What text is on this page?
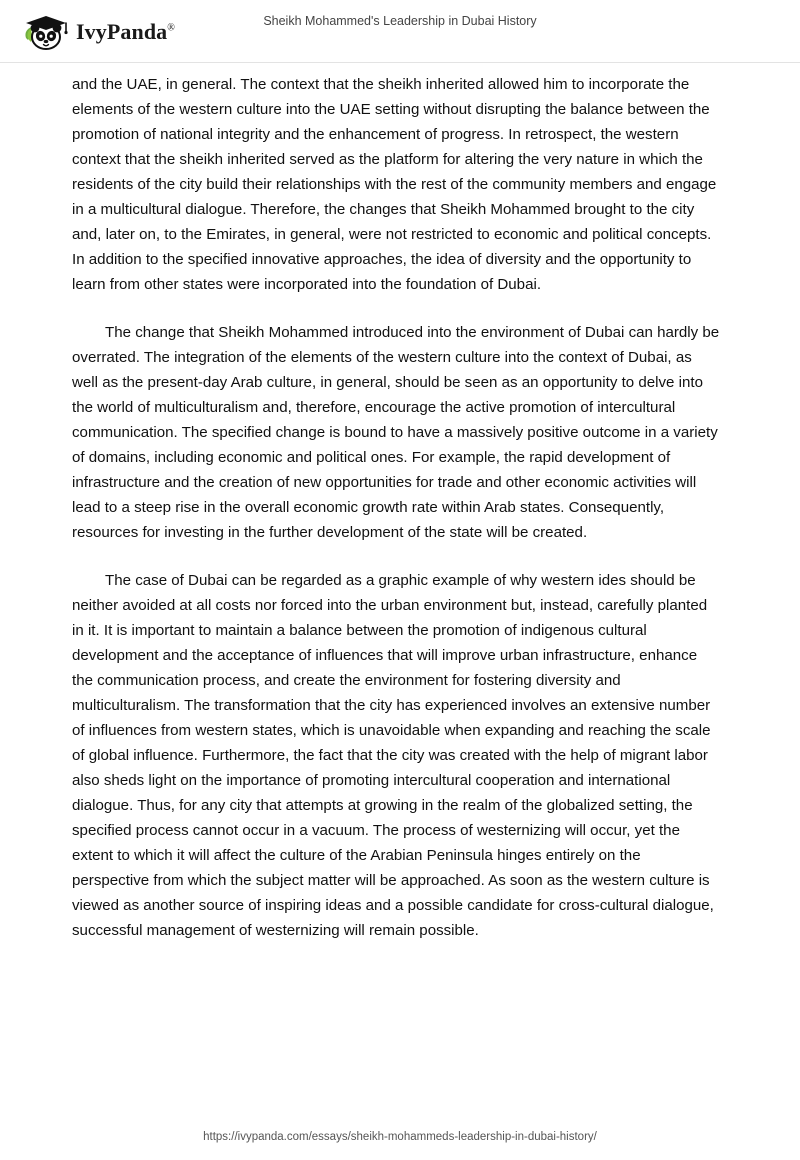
IvyPanda®
Sheikh Mohammed's Leadership in Dubai History

and the UAE, in general. The context that the sheikh inherited allowed him to incorporate the elements of the western culture into the UAE setting without disrupting the balance between the promotion of national integrity and the enhancement of progress. In retrospect, the western context that the sheikh inherited served as the platform for altering the very nature in which the residents of the city build their relationships with the rest of the community members and engage in a multicultural dialogue. Therefore, the changes that Sheikh Mohammed brought to the city and, later on, to the Emirates, in general, were not restricted to economic and political concepts. In addition to the specified innovative approaches, the idea of diversity and the opportunity to learn from other states were incorporated into the foundation of Dubai.

The change that Sheikh Mohammed introduced into the environment of Dubai can hardly be overrated. The integration of the elements of the western culture into the context of Dubai, as well as the present-day Arab culture, in general, should be seen as an opportunity to delve into the world of multiculturalism and, therefore, encourage the active promotion of intercultural communication. The specified change is bound to have a massively positive outcome in a variety of domains, including economic and political ones. For example, the rapid development of infrastructure and the creation of new opportunities for trade and other economic activities will lead to a steep rise in the overall economic growth rate within Arab states. Consequently, resources for investing in the further development of the state will be created.

The case of Dubai can be regarded as a graphic example of why western ides should be neither avoided at all costs nor forced into the urban environment but, instead, carefully planted in it. It is important to maintain a balance between the promotion of indigenous cultural development and the acceptance of influences that will improve urban infrastructure, enhance the communication process, and create the environment for fostering diversity and multiculturalism. The transformation that the city has experienced involves an extensive number of influences from western states, which is unavoidable when expanding and reaching the scale of global influence. Furthermore, the fact that the city was created with the help of migrant labor also sheds light on the importance of promoting intercultural cooperation and international dialogue. Thus, for any city that attempts at growing in the realm of the globalized setting, the specified process cannot occur in a vacuum. The process of westernizing will occur, yet the extent to which it will affect the culture of the Arabian Peninsula hinges entirely on the perspective from which the subject matter will be approached. As soon as the western culture is viewed as another source of inspiring ideas and a possible candidate for cross-cultural dialogue, successful management of westernizing will remain possible.

https://ivypanda.com/essays/sheikh-mohammeds-leadership-in-dubai-history/
